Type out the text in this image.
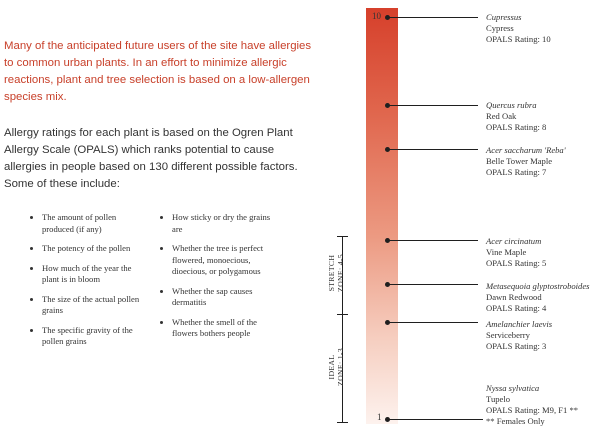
Many of the anticipated future users of the site have allergies to common urban plants. In an effort to minimize allergic reactions, plant and tree selection is based on a low-allergen species mix.

Allergy ratings for each plant is based on the Ogren Plant Allergy Scale (OPALS) which ranks potential to cause allergies in people based on 130 different possible factors. Some of these include:

The amount of pollen produced (if any)
The potency of the pollen
How much of the year the plant is in bloom
The size of the actual pollen grains
The specific gravity of the pollen grains
How sticky or dry the grains are
Whether the tree is perfect flowered, monoecious, dioecious, or polygamous
Whether the sap causes dermatitis
Whether the smell of the flowers bothers people
STRETCH ZONE: 4-5
IDEAL ZONE: 1-3
10
1
Cupressus
Cypress
OPALS Rating: 10
Quercus rubra
Red Oak
OPALS Rating: 8
Acer saccharum 'Reba'
Belle Tower Maple
OPALS Rating: 7
Acer circinatum
Vine Maple
OPALS Rating: 5
Metasequoia glyptostroboides
Dawn Redwood
OPALS Rating: 4
Amelanchier laevis
Serviceberry
OPALS Rating: 3
Nyssa sylvatica
Tupelo
OPALS Rating: M9, F1 **
** Females Only
